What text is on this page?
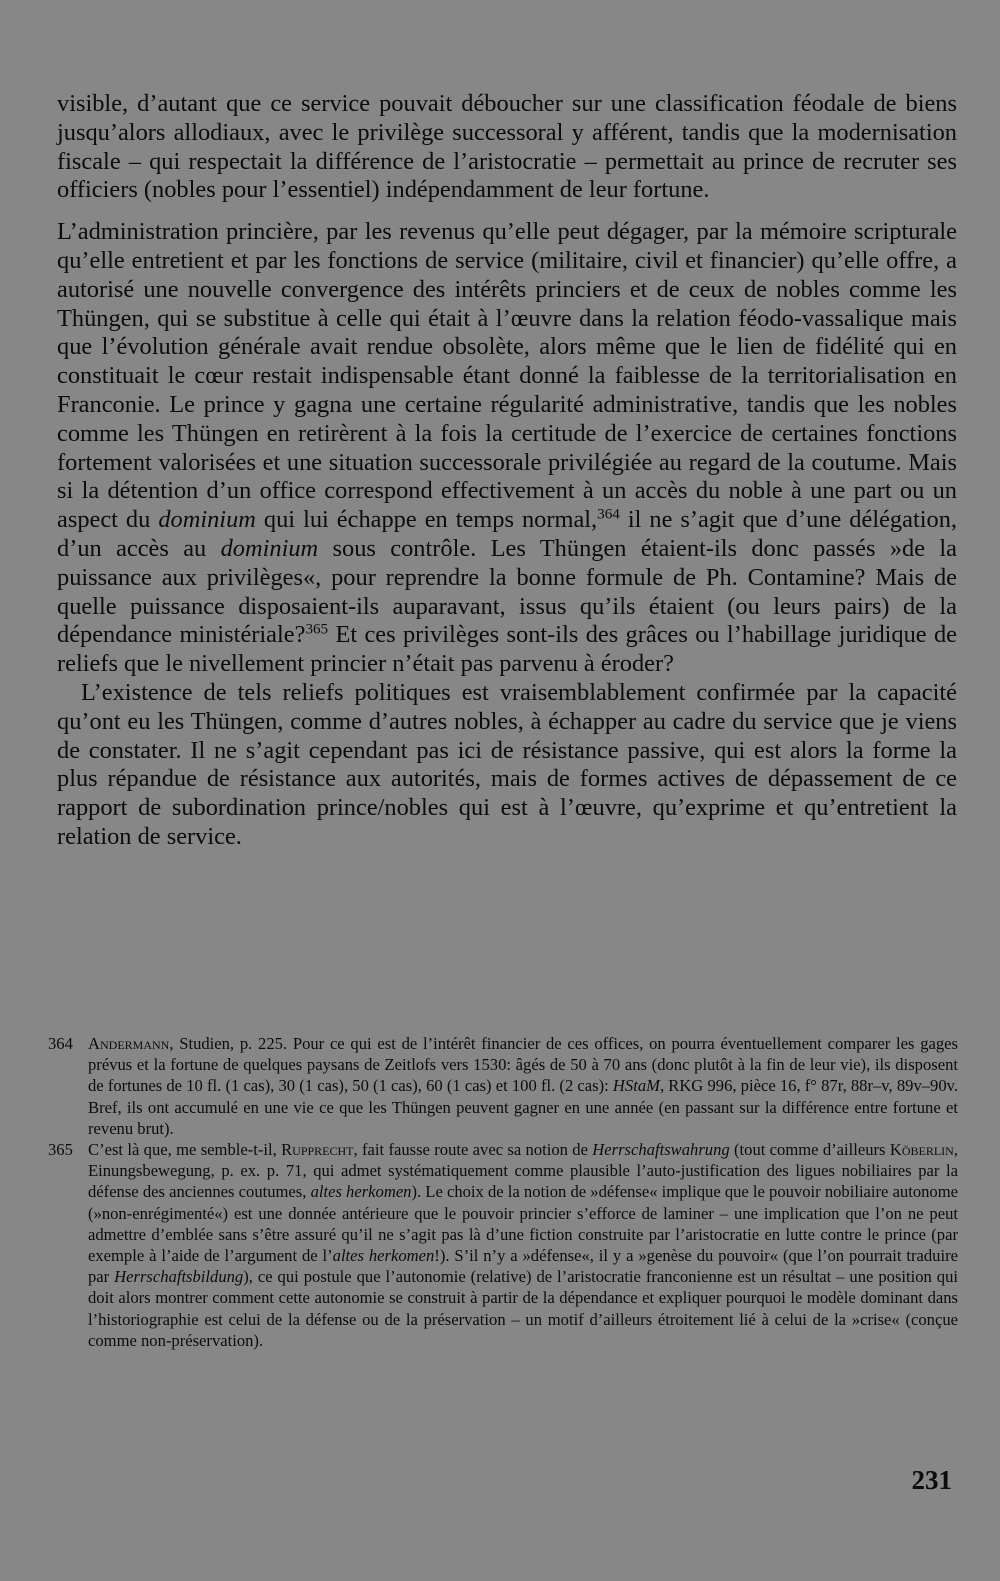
visible, d’autant que ce service pouvait déboucher sur une classification féodale de biens jusqu’alors allodiaux, avec le privilège successoral y afférent, tandis que la modernisation fiscale – qui respectait la différence de l’aristocratie – permettait au prince de recruter ses officiers (nobles pour l’essentiel) indépendamment de leur fortune.

L’administration princière, par les revenus qu’elle peut dégager, par la mémoire scripturale qu’elle entretient et par les fonctions de service (militaire, civil et financier) qu’elle offre, a autorisé une nouvelle convergence des intérêts princiers et de ceux de nobles comme les Thüngen, qui se substitue à celle qui était à l’œuvre dans la relation féodo-vassalique mais que l’évolution générale avait rendue obsolète, alors même que le lien de fidélité qui en constituait le cœur restait indispensable étant donné la faiblesse de la territorialisation en Franconie. Le prince y gagna une certaine régularité administrative, tandis que les nobles comme les Thüngen en retirèrent à la fois la certitude de l’exercice de certaines fonctions fortement valorisées et une situation successorale privilégiée au regard de la coutume. Mais si la détention d’un office correspond effectivement à un accès du noble à une part ou un aspect du dominium qui lui échappe en temps normal,$^{364}$ il ne s’agit que d’une délégation, d’un accès au dominium sous contrôle. Les Thüngen étaient-ils donc passés »de la puissance aux privilèges«, pour reprendre la bonne formule de Ph. Contamine? Mais de quelle puissance disposaient-ils auparavant, issus qu’ils étaient (ou leurs pairs) de la dépendance ministériale?$^{365}$ Et ces privilèges sont-ils des grâces ou l’habillage juridique de reliefs que le nivellement princier n’était pas parvenu à éroder?

L’existence de tels reliefs politiques est vraisemblablement confirmée par la capacité qu’ont eu les Thüngen, comme d’autres nobles, à échapper au cadre du service que je viens de constater. Il ne s’agit cependant pas ici de résistance passive, qui est alors la forme la plus répandue de résistance aux autorités, mais de formes actives de dépassement de ce rapport de subordination prince/nobles qui est à l’œuvre, qu’exprime et qu’entretient la relation de service.

364 Andermann, Studien, p. 225. Pour ce qui est de l’intérêt financier de ces offices, on pourra éventuellement comparer les gages prévus et la fortune de quelques paysans de Zeitlofs vers 1530: âgés de 50 à 70 ans (donc plutôt à la fin de leur vie), ils disposent de fortunes de 10 fl. (1 cas), 30 (1 cas), 50 (1 cas), 60 (1 cas) et 100 fl. (2 cas): HStaM, RKG 996, pièce 16, f° 87r, 88r–v, 89v–90v. Bref, ils ont accumulé en une vie ce que les Thüngen peuvent gagner en une année (en passant sur la différence entre fortune et revenu brut).

365 C’est là que, me semble-t-il, Rupprecht, fait fausse route avec sa notion de Herrschaftswahrung (tout comme d’ailleurs Köberlin, Einungsbewegung, p. ex. p. 71, qui admet systématiquement comme plausible l’auto-justification des ligues nobiliaires par la défense des anciennes coutumes, altes herkomen). Le choix de la notion de »défense« implique que le pouvoir nobiliaire autonome (»non-enrégimenté«) est une donnée antérieure que le pouvoir princier s’efforce de laminer – une implication que l’on ne peut admettre d’emblée sans s’être assuré qu’il ne s’agit pas là d’une fiction construite par l’aristocratie en lutte contre le prince (par exemple à l’aide de l’argument de l’altes herkomen!). S’il n’y a »défense«, il y a »genèse du pouvoir« (que l’on pourrait traduire par Herrschaftsbildung), ce qui postule que l’autonomie (relative) de l’aristocratie franconienne est un résultat – une position qui doit alors montrer comment cette autonomie se construit à partir de la dépendance et expliquer pourquoi le modèle dominant dans l’historiographie est celui de la défense ou de la préservation – un motif d’ailleurs étroitement lié à celui de la »crise« (conçue comme non-préservation).

231
